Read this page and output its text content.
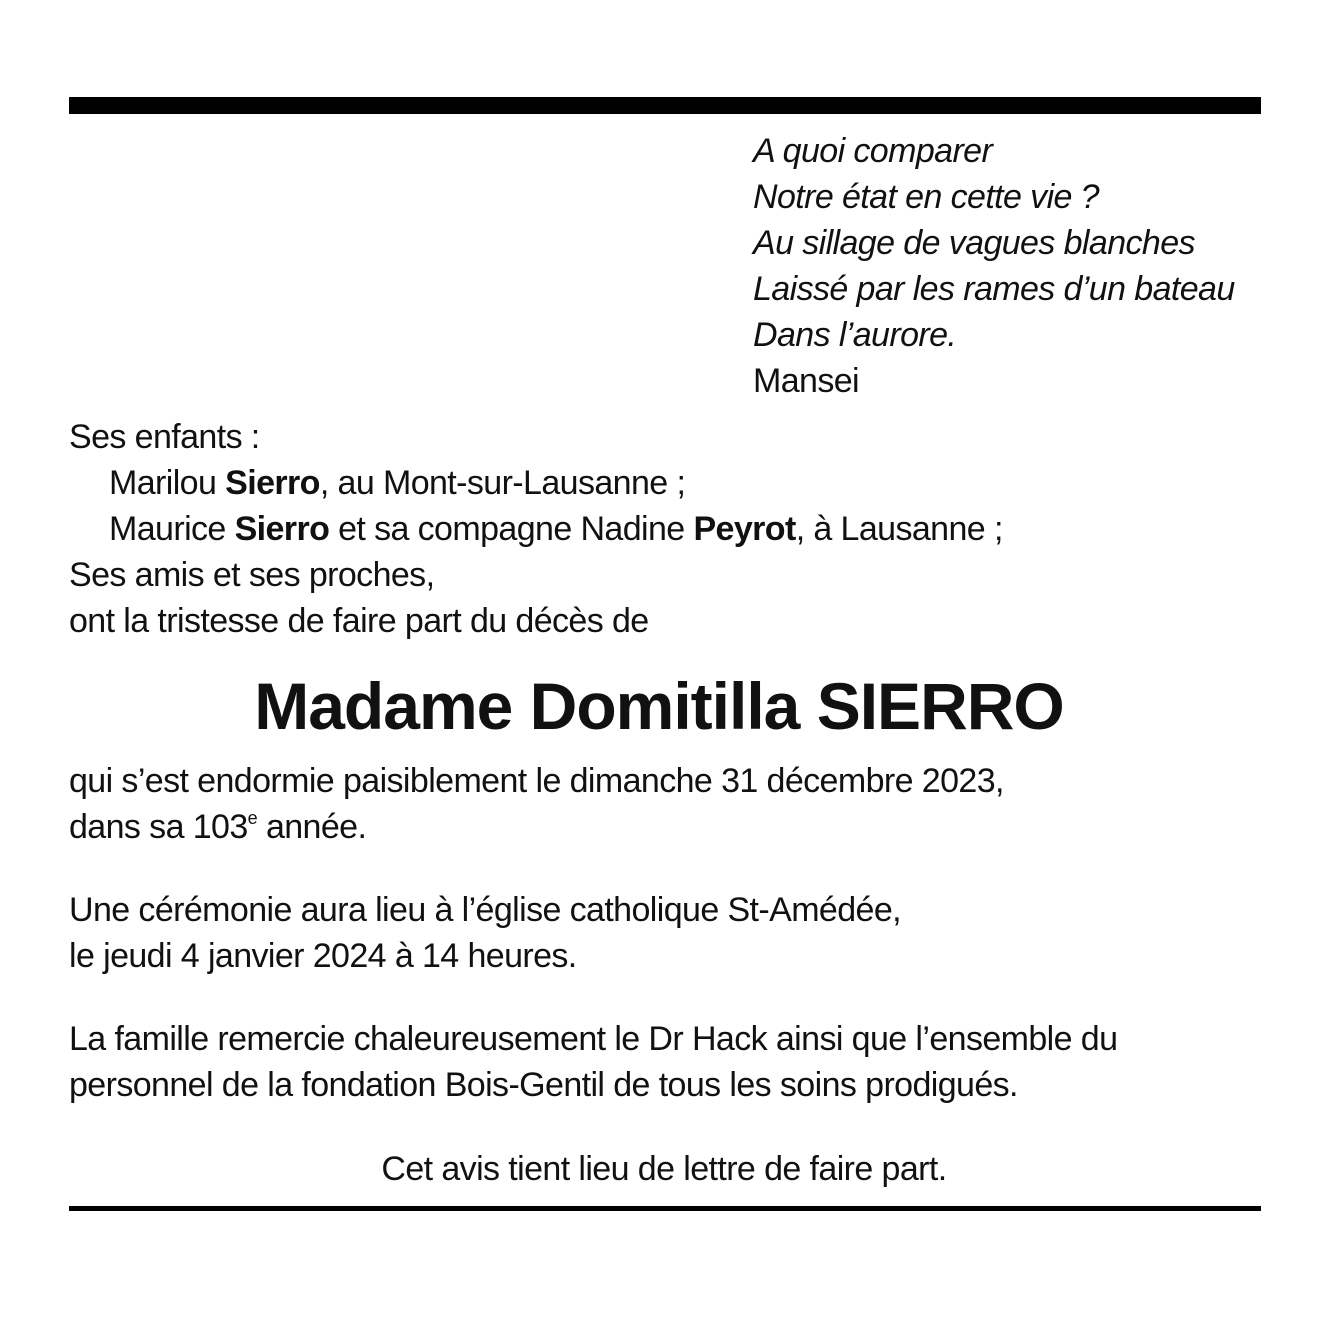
A quoi comparer
Notre état en cette vie ?
Au sillage de vagues blanches
Laissé par les rames d’un bateau
Dans l’aurore.
Mansei
Ses enfants :
Marilou Sierro, au Mont-sur-Lausanne ;
Maurice Sierro et sa compagne Nadine Peyrot, à Lausanne ;
Ses amis et ses proches,
ont la tristesse de faire part du décès de
Madame Domitilla SIERRO
qui s’est endormie paisiblement le dimanche 31 décembre 2023,
dans sa 103e année.
Une cérémonie aura lieu à l’église catholique St-Amédée,
le jeudi 4 janvier 2024 à 14 heures.
La famille remercie chaleureusement le Dr Hack ainsi que l’ensemble du
personnel de la fondation Bois-Gentil de tous les soins prodigués.
Cet avis tient lieu de lettre de faire part.
